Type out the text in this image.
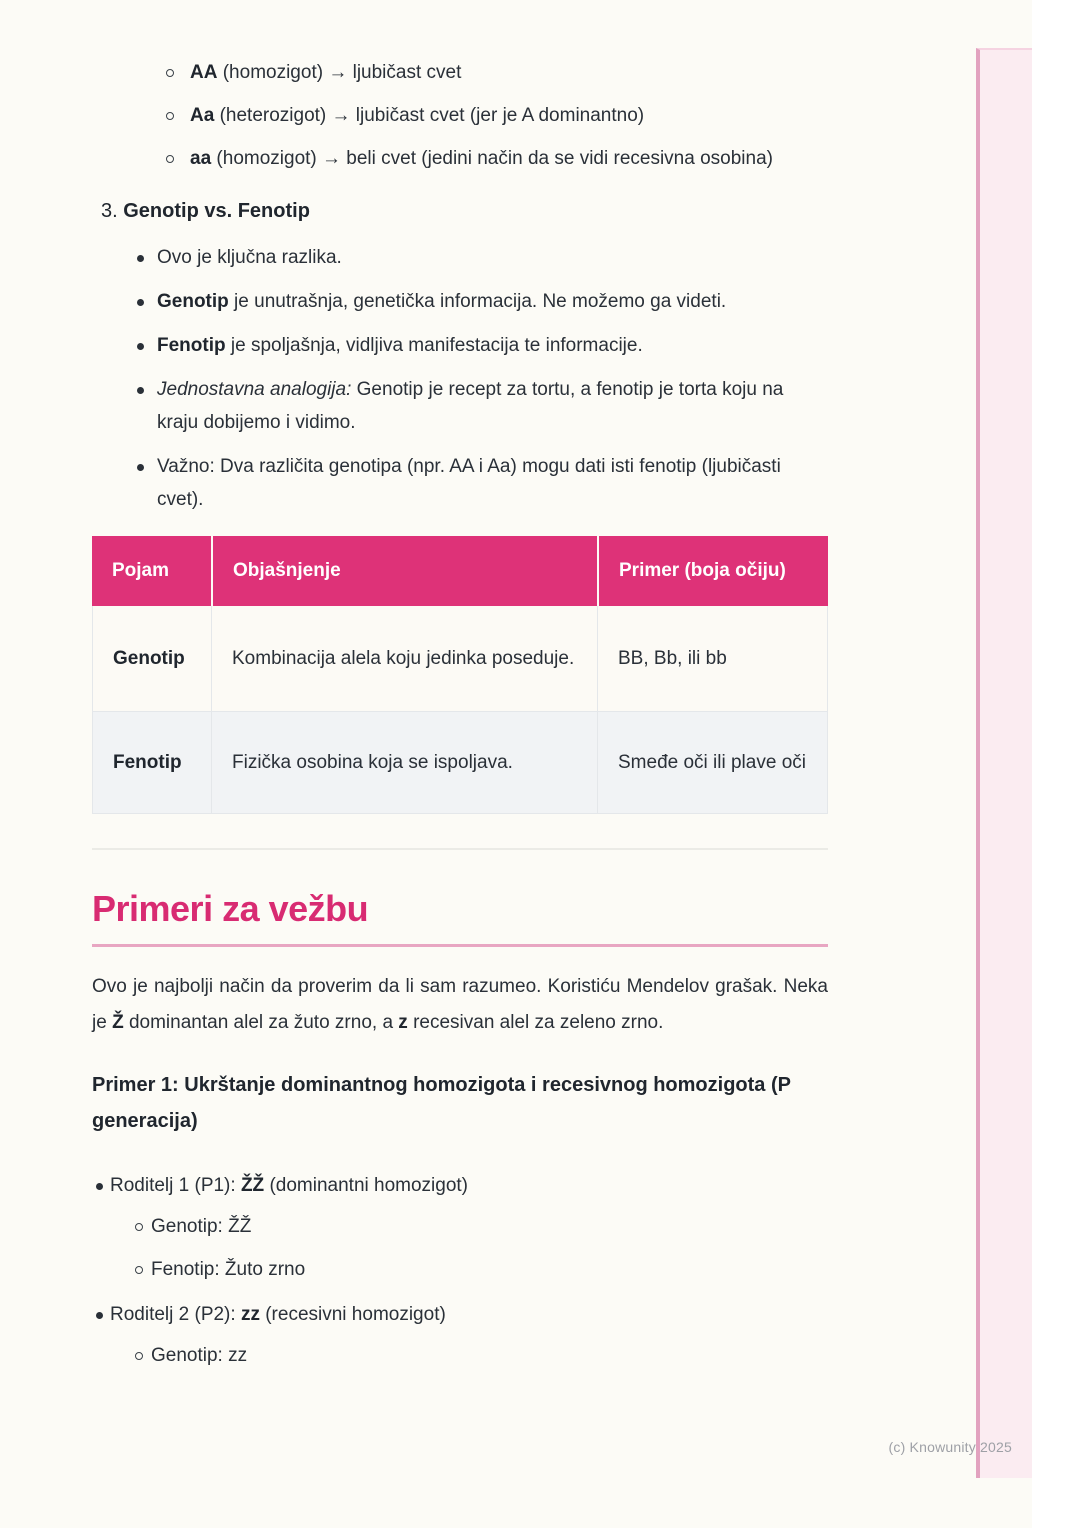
AA (homozigot) → ljubičast cvet
Aa (heterozigot) → ljubičast cvet (jer je A dominantno)
aa (homozigot) → beli cvet (jedini način da se vidi recesivna osobina)
3. Genotip vs. Fenotip
Ovo je ključna razlika.
Genotip je unutrašnja, genetička informacija. Ne možemo ga videti.
Fenotip je spoljašnja, vidljiva manifestacija te informacije.
Jednostavna analogija: Genotip je recept za tortu, a fenotip je torta koju na kraju dobijemo i vidimo.
Važno: Dva različita genotipa (npr. AA i Aa) mogu dati isti fenotip (ljubičasti cvet).
Pojam	Objašnjenje	Primer (boja očiju)
Genotip	Kombinacija alela koju jedinka poseduje.	BB, Bb, ili bb
Fenotip	Fizička osobina koja se ispoljava.	Smeđe oči ili plave oči
Primeri za vežbu

Ovo je najbolji način da proverim da li sam razumeo. Koristiću Mendelov grašak. Neka je Ž dominantan alel za žuto zrno, a z recesivan alel za zeleno zrno.

Primer 1: Ukrštanje dominantnog homozigota i recesivnog homozigota (P generacija)
Roditelj 1 (P1): ŽŽ (dominantni homozigot)
Genotip: ŽŽ
Fenotip: Žuto zrno
Roditelj 2 (P2): zz (recesivni homozigot)
Genotip: zz
(c) Knowunity 2025
